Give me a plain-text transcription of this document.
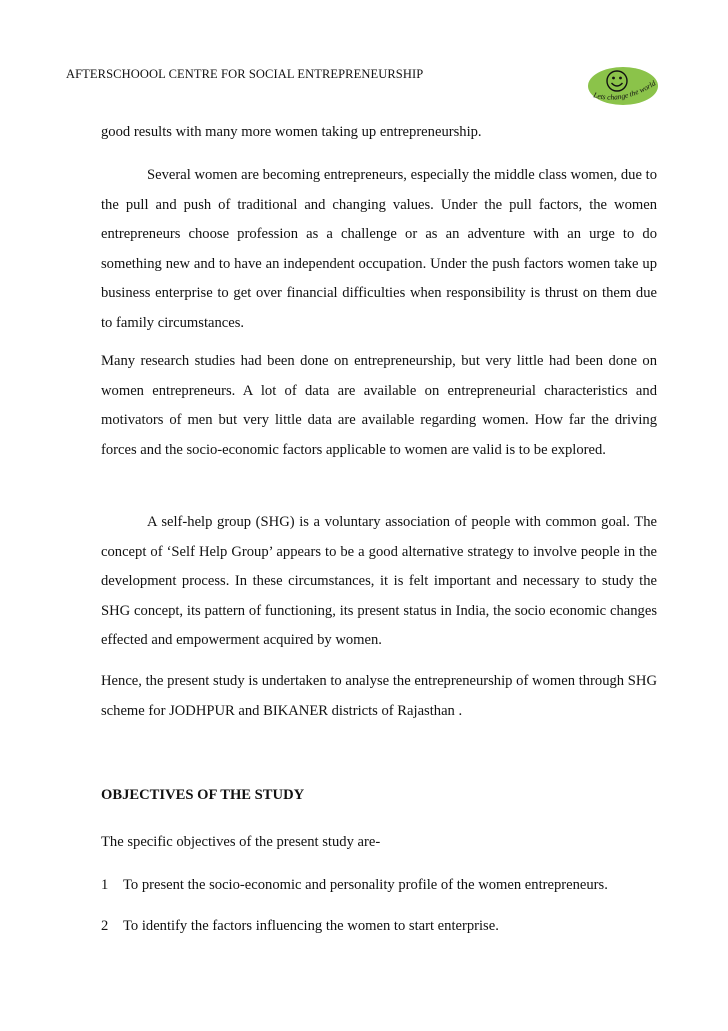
AFTERSCHOOOL CENTRE FOR SOCIAL ENTREPRENEURSHIP
Lets change the world

good results with many more women taking up entrepreneurship.

Several women are becoming entrepreneurs, especially the middle class women, due to the pull and push of traditional and changing values. Under the pull factors, the women entrepreneurs choose profession as a challenge or as an adventure with an urge to do something new and to have an independent occupation. Under the push factors women take up business enterprise to get over financial difficulties when responsibility is thrust on them due to family circumstances.

Many research studies had been done on entrepreneurship, but very little had been done on women entrepreneurs. A lot of data are available on entrepreneurial characteristics and motivators of men but very little data are available regarding women. How far the driving forces and the socio-economic factors applicable to women are valid is to be explored.

A self-help group (SHG) is a voluntary association of people with common goal. The concept of ‘Self Help Group’ appears to be a good alternative strategy to involve people in the development process. In these circumstances, it is felt important and necessary to study the SHG concept, its pattern of functioning, its present status in India, the socio economic changes effected and empowerment acquired by women.

Hence, the present study is undertaken to analyse the entrepreneurship of women through SHG scheme for JODHPUR and BIKANER districts of Rajasthan .

OBJECTIVES OF THE STUDY

The specific objectives of the present study are-

1 To present the socio-economic and personality profile of the women entrepreneurs.

2 To identify the factors influencing the women to start enterprise.
